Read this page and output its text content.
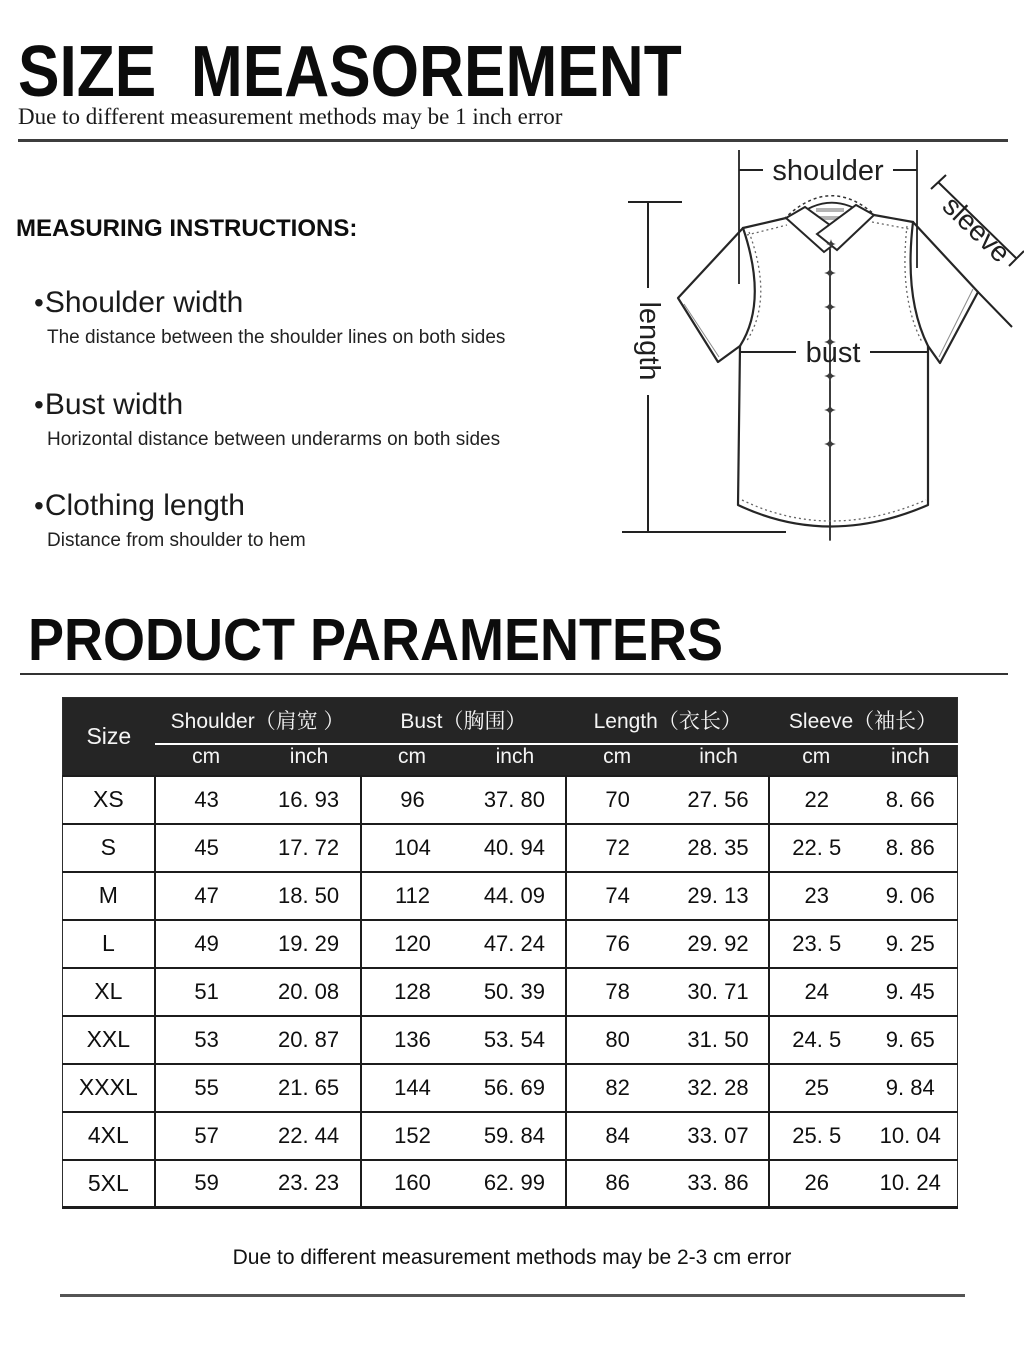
SIZE  MEASOREMENT
Due to different measurement methods may be 1 inch error
MEASURING INSTRUCTIONS:
•Shoulder width
The distance between the shoulder lines on both sides
•Bust width
Horizontal distance between underarms on both sides
•Clothing length
Distance from shoulder to hem
shoulder
length	bust
sleeve
PRODUCT PARAMENTERS
Size	Shoulder（肩宽 ）		Bust（胸围）		Length（衣长）		Sleeve（袖长）	
	cm	inch	cm	inch	cm	inch	cm	inch
XS	43	16. 93	96	37. 80	70	27. 56	22	8. 66
S	45	17. 72	104	40. 94	72	28. 35	22. 5	8. 86
M	47	18. 50	112	44. 09	74	29. 13	23	9. 06
L	49	19. 29	120	47. 24	76	29. 92	23. 5	9. 25
XL	51	20. 08	128	50. 39	78	30. 71	24	9. 45
XXL	53	20. 87	136	53. 54	80	31. 50	24. 5	9. 65
XXXL	55	21. 65	144	56. 69	82	32. 28	25	9. 84
4XL	57	22. 44	152	59. 84	84	33. 07	25. 5	10. 04
5XL	59	23. 23	160	62. 99	86	33. 86	26	10. 24
Due to different measurement methods may be 2-3 cm error
